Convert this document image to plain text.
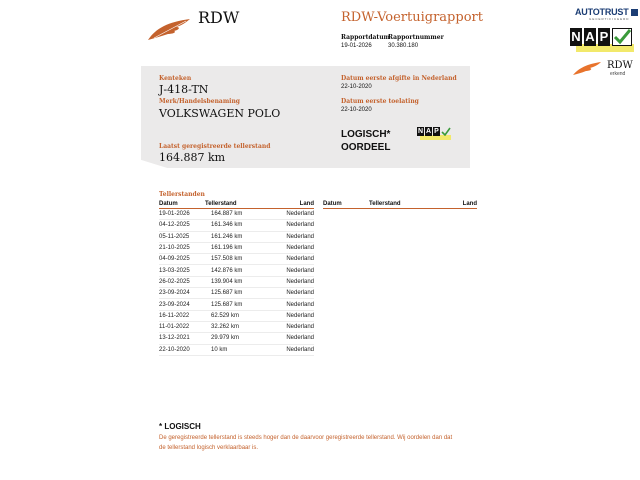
RDW	RDW-Voertuigrapport
Rapportdatum
19-01-2026
Rapportnummer
30.380.180
AUTOTRUST
GECERTIFICEERD
N A P
RDW
erkend
Kenteken
J-418-TN
Merk/Handelsbenaming
VOLKSWAGEN POLO
Laatst geregistreerde tellerstand
164.887 km
Datum eerste afgifte in Nederland
22-10-2020
Datum eerste toelating
22-10-2020
LOGISCH*
OORDEEL
N A P
Tellerstanden
Datum	Tellerstand	Land
19-01-2026	164.887 km	Nederland
04-12-2025	161.346 km	Nederland
05-11-2025	161.246 km	Nederland
21-10-2025	161.196 km	Nederland
04-09-2025	157.508 km	Nederland
13-03-2025	142.876 km	Nederland
26-02-2025	139.904 km	Nederland
23-09-2024	125.687 km	Nederland
23-09-2024	125.687 km	Nederland
16-11-2022	62.529 km	Nederland
11-01-2022	32.262 km	Nederland
13-12-2021	29.979 km	Nederland
22-10-2020	10 km	Nederland
Datum	Tellerstand	Land
* LOGISCH
De geregistreerde tellerstand is steeds hoger dan de daarvoor geregistreerde tellerstand. Wij oordelen dan dat de tellerstand logisch verklaarbaar is.
